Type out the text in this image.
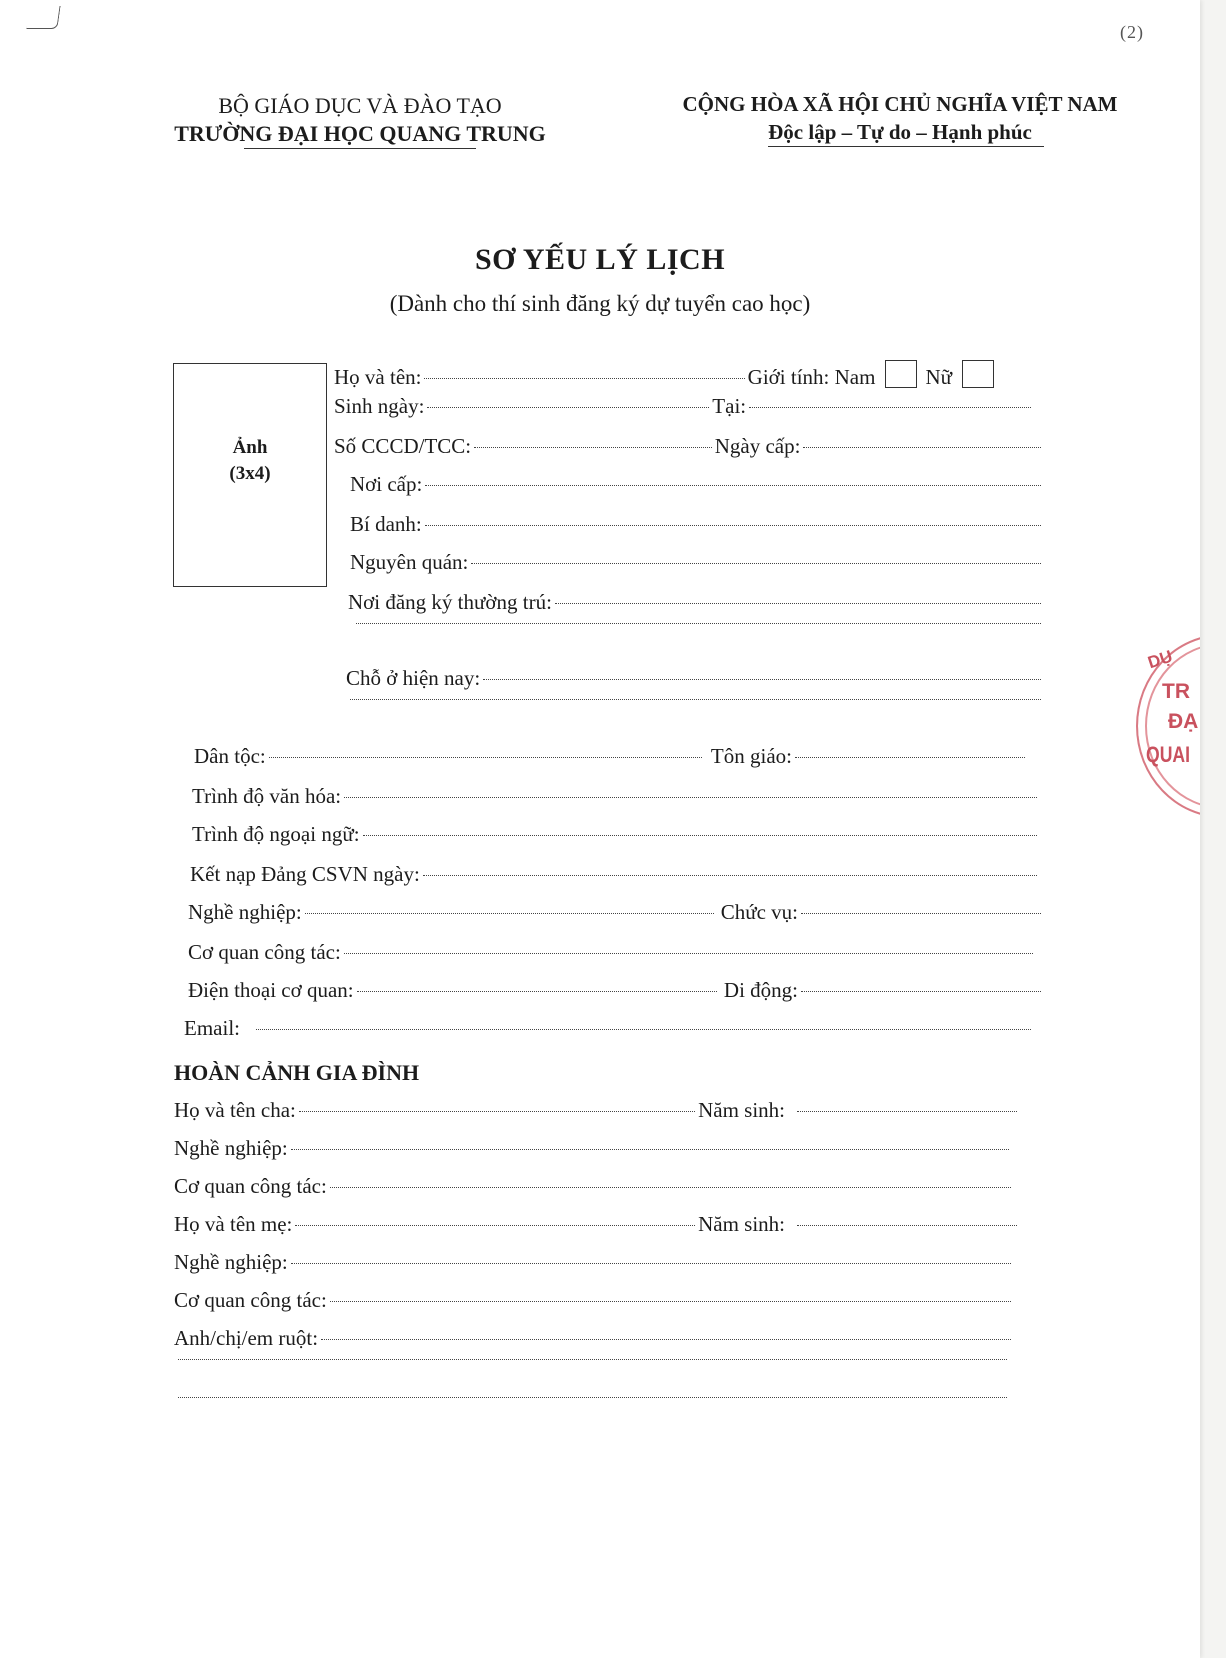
(2)
BỘ GIÁO DỤC VÀ ĐÀO TẠO
TRƯỜNG ĐẠI HỌC QUANG TRUNG
CỘNG HÒA XÃ HỘI CHỦ NGHĨA VIỆT NAM
Độc lập – Tự do – Hạnh phúc
SƠ YẾU LÝ LỊCH
(Dành cho thí sinh đăng ký dự tuyển cao học)
Ảnh
(3x4)
Họ và tên:	Giới tính: Nam Nữ
Sinh ngày:	Tại:
Số CCCD/TCC:	Ngày cấp:
Nơi cấp:
Bí danh:
Nguyên quán:
Nơi đăng ký thường trú:
Chỗ ở hiện nay:
Dân tộc:	Tôn giáo:
Trình độ văn hóa:
Trình độ ngoại ngữ:
Kết nạp Đảng CSVN ngày:
Nghề nghiệp:	Chức vụ:
Cơ quan công tác:
Điện thoại cơ quan:	Di động:
Email:
HOÀN CẢNH GIA ĐÌNH
Họ và tên cha:	Năm sinh:
Nghề nghiệp:
Cơ quan công tác:
Họ và tên mẹ:	Năm sinh:
Nghề nghiệp:
Cơ quan công tác:
Anh/chị/em ruột:
DỤ
TR
ĐẠ
QUAI
